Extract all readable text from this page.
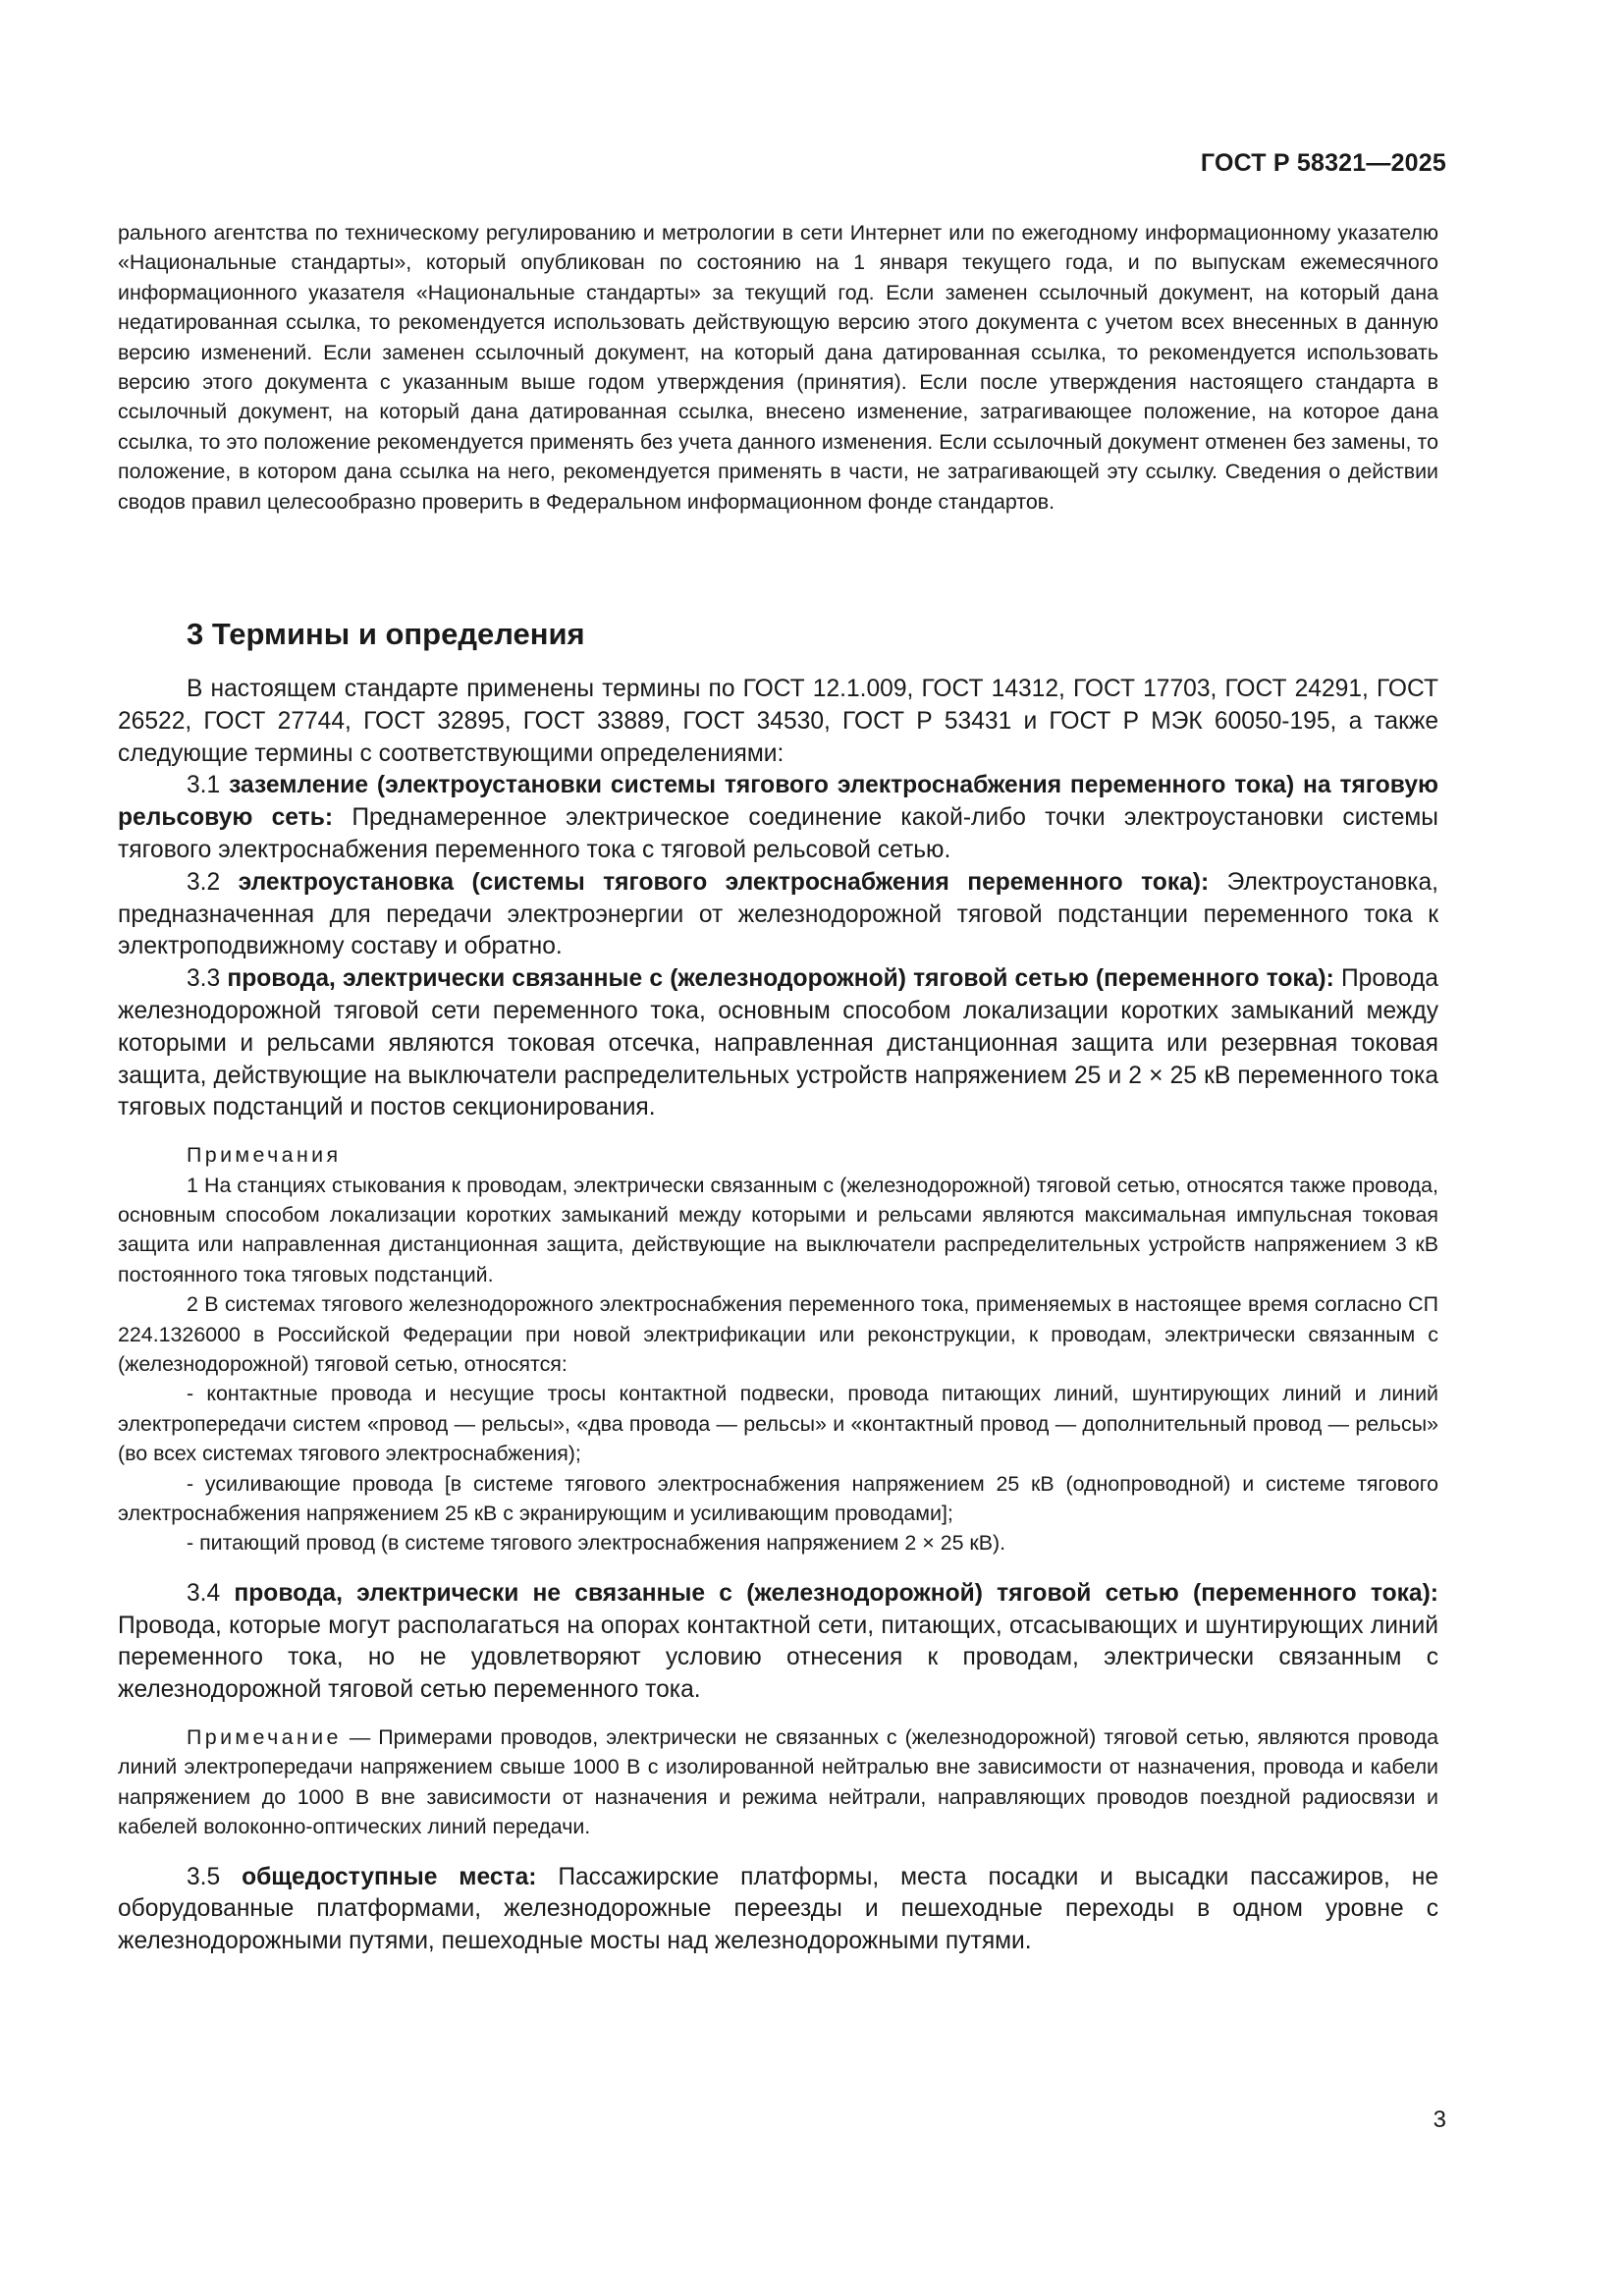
ГОСТ Р 58321—2025
рального агентства по техническому регулированию и метрологии в сети Интернет или по ежегодному информационному указателю «Национальные стандарты», который опубликован по состоянию на 1 января текущего года, и по выпускам ежемесячного информационного указателя «Национальные стандарты» за текущий год. Если заменен ссылочный документ, на который дана недатированная ссылка, то рекомендуется использовать действующую версию этого документа с учетом всех внесенных в данную версию изменений. Если заменен ссылочный документ, на который дана датированная ссылка, то рекомендуется использовать версию этого документа с указанным выше годом утверждения (принятия). Если после утверждения настоящего стандарта в ссылочный документ, на который дана датированная ссылка, внесено изменение, затрагивающее положение, на которое дана ссылка, то это положение рекомендуется применять без учета данного изменения. Если ссылочный документ отменен без замены, то положение, в котором дана ссылка на него, рекомендуется применять в части, не затрагивающей эту ссылку. Сведения о действии сводов правил целесообразно проверить в Федеральном информационном фонде стандартов.
3 Термины и определения

В настоящем стандарте применены термины по ГОСТ 12.1.009, ГОСТ 14312, ГОСТ 17703, ГОСТ 24291, ГОСТ 26522, ГОСТ 27744, ГОСТ 32895, ГОСТ 33889, ГОСТ 34530, ГОСТ Р 53431 и ГОСТ Р МЭК 60050-195, а также следующие термины с соответствующими определениями:

3.1 заземление (электроустановки системы тягового электроснабжения переменного тока) на тяговую рельсовую сеть: Преднамеренное электрическое соединение какой-либо точки электроустановки системы тягового электроснабжения переменного тока с тяговой рельсовой сетью.

3.2 электроустановка (системы тягового электроснабжения переменного тока): Электроустановка, предназначенная для передачи электроэнергии от железнодорожной тяговой подстанции переменного тока к электроподвижному составу и обратно.

3.3 провода, электрически связанные с (железнодорожной) тяговой сетью (переменного тока): Провода железнодорожной тяговой сети переменного тока, основным способом локализации коротких замыканий между которыми и рельсами являются токовая отсечка, направленная дистанционная защита или резервная токовая защита, действующие на выключатели распределительных устройств напряжением 25 и 2 × 25 кВ переменного тока тяговых подстанций и постов секционирования.

Примечания

1 На станциях стыкования к проводам, электрически связанным с (железнодорожной) тяговой сетью, относятся также провода, основным способом локализации коротких замыканий между которыми и рельсами являются максимальная импульсная токовая защита или направленная дистанционная защита, действующие на выключатели распределительных устройств напряжением 3 кВ постоянного тока тяговых подстанций.

2 В системах тягового железнодорожного электроснабжения переменного тока, применяемых в настоящее время согласно СП 224.1326000 в Российской Федерации при новой электрификации или реконструкции, к проводам, электрически связанным с (железнодорожной) тяговой сетью, относятся:

- контактные провода и несущие тросы контактной подвески, провода питающих линий, шунтирующих линий и линий электропередачи систем «провод — рельсы», «два провода — рельсы» и «контактный провод — дополнительный провод — рельсы» (во всех системах тягового электроснабжения);

- усиливающие провода [в системе тягового электроснабжения напряжением 25 кВ (однопроводной) и системе тягового электроснабжения напряжением 25 кВ с экранирующим и усиливающим проводами];

- питающий провод (в системе тягового электроснабжения напряжением 2 × 25 кВ).

3.4 провода, электрически не связанные с (железнодорожной) тяговой сетью (переменного тока): Провода, которые могут располагаться на опорах контактной сети, питающих, отсасывающих и шунтирующих линий переменного тока, но не удовлетворяют условию отнесения к проводам, электрически связанным с железнодорожной тяговой сетью переменного тока.

Примечание — Примерами проводов, электрически не связанных с (железнодорожной) тяговой сетью, являются провода линий электропередачи напряжением свыше 1000 В с изолированной нейтралью вне зависимости от назначения, провода и кабели напряжением до 1000 В вне зависимости от назначения и режима нейтрали, направляющих проводов поездной радиосвязи и кабелей волоконно-оптических линий передачи.

3.5 общедоступные места: Пассажирские платформы, места посадки и высадки пассажиров, не оборудованные платформами, железнодорожные переезды и пешеходные переходы в одном уровне с железнодорожными путями, пешеходные мосты над железнодорожными путями.

3
